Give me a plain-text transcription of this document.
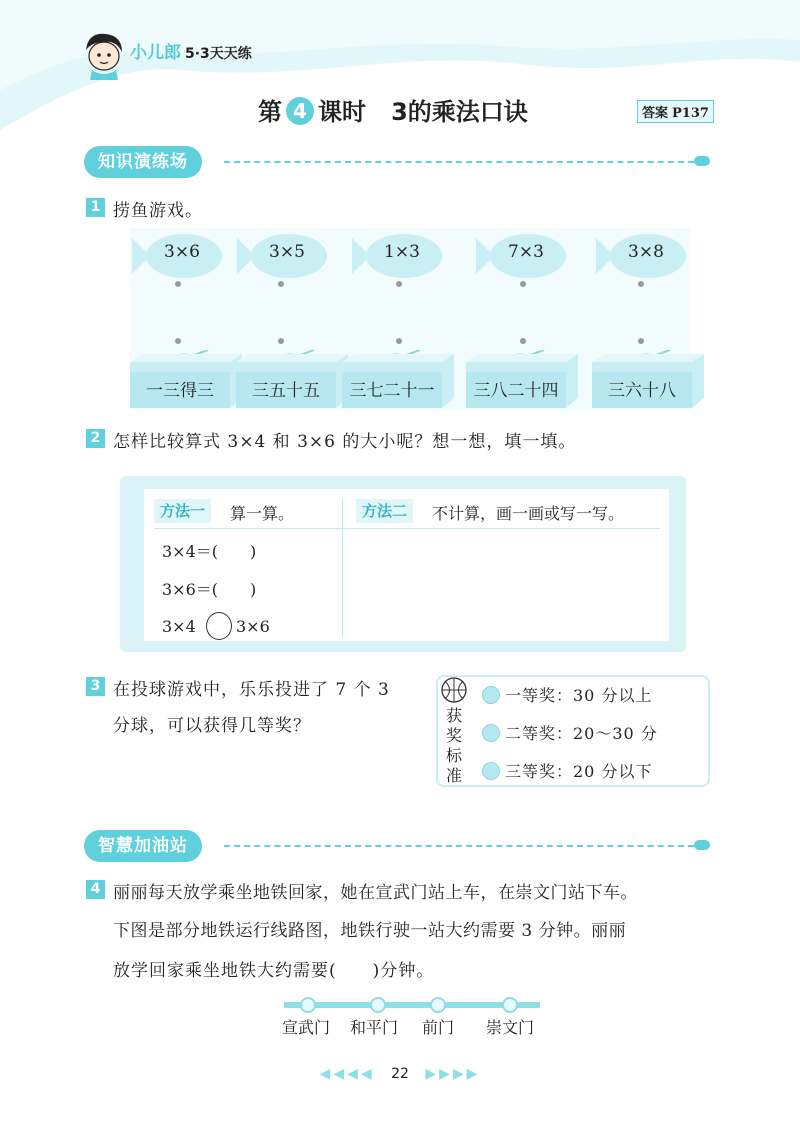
小儿郎 5·3天天练
第 4 课时 3的乘法口诀	答案 P137
知识演练场
1 捞鱼游戏。
3×6	3×5	1×3	7×3	3×8
一三得三	三五十五	三七二十一	三八二十四	三六十八
2 怎样比较算式 3×4 和 3×6 的大小呢？想一想，填一填。
方法一	算一算。	方法二	不计算，画一画或写一写。
3×4＝(　　)
3×6＝(　　)
3×4	3×6
3 在投球游戏中，乐乐投进了 7 个 3
分球，可以获得几等奖？
获
奖
标
准
一等奖：30 分以上
二等奖：20～30 分
三等奖：20 分以下
智慧加油站
4 丽丽每天放学乘坐地铁回家，她在宣武门站上车，在崇文门站下车。
下图是部分地铁运行线路图，地铁行驶一站大约需要 3 分钟。丽丽
放学回家乘坐地铁大约需要(　　)分钟。
宣武门 和平门 前门 崇文门
◀◀◀◀ 22 ▶▶▶▶
